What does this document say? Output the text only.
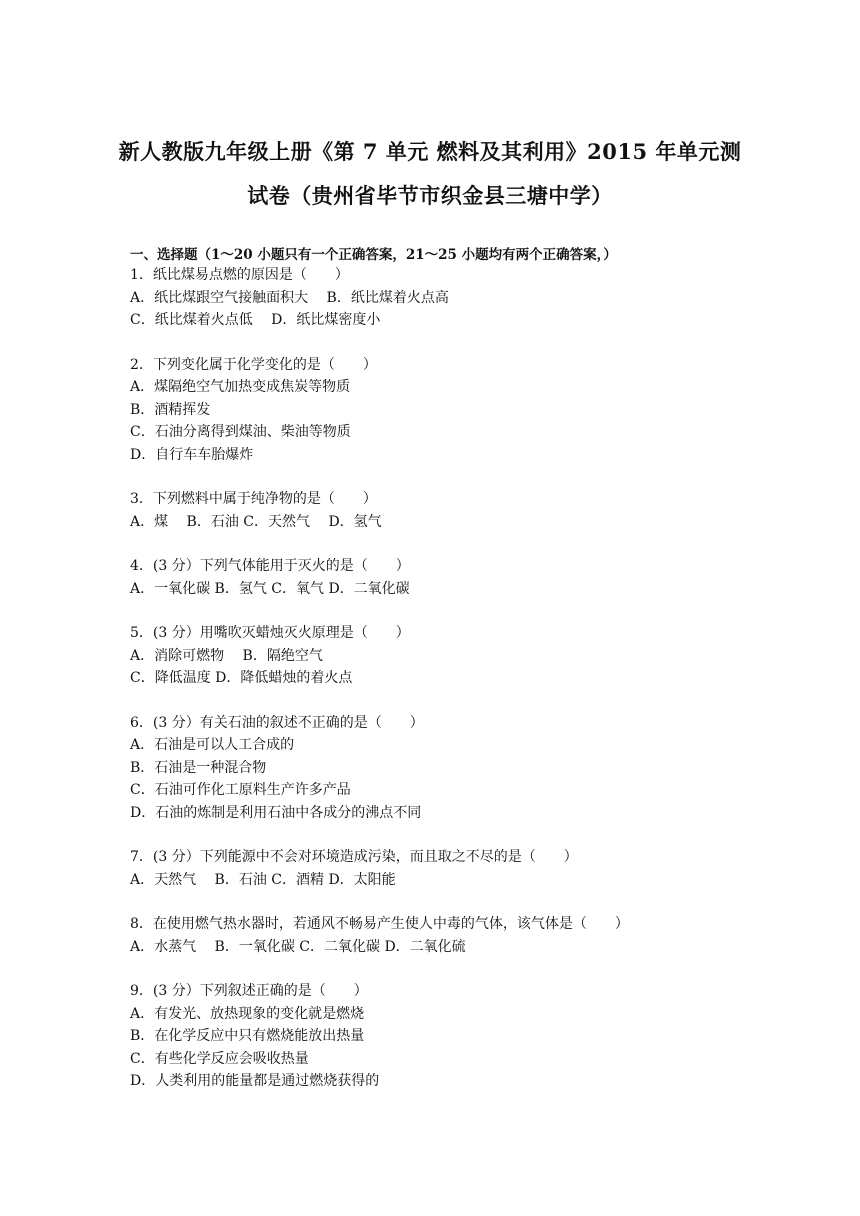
新人教版九年级上册《第 7 单元 燃料及其利用》2015 年单元测
试卷（贵州省毕节市织金县三塘中学）
一、选择题（1～20 小题只有一个正确答案，21～25 小题均有两个正确答案，）
1．纸比煤易点燃的原因是（　　）
A．纸比煤跟空气接触面积大　 B．纸比煤着火点高
C．纸比煤着火点低　 D．纸比煤密度小
2．下列变化属于化学变化的是（　　）
A．煤隔绝空气加热变成焦炭等物质
B．酒精挥发
C．石油分离得到煤油、柴油等物质
D．自行车车胎爆炸
3．下列燃料中属于纯净物的是（　　）
A．煤　 B．石油 C．天然气　 D．氢气
4．(3 分）下列气体能用于灭火的是（　　）
A．一氧化碳 B．氢气 C．氧气 D．二氧化碳
5．(3 分）用嘴吹灭蜡烛灭火原理是（　　）
A．消除可燃物　 B．隔绝空气
C．降低温度 D．降低蜡烛的着火点
6．(3 分）有关石油的叙述不正确的是（　　）
A．石油是可以人工合成的
B．石油是一种混合物
C．石油可作化工原料生产许多产品
D．石油的炼制是利用石油中各成分的沸点不同
7．(3 分）下列能源中不会对环境造成污染，而且取之不尽的是（　　）
A．天然气　 B．石油 C．酒精 D．太阳能
8．在使用燃气热水器时，若通风不畅易产生使人中毒的气体，该气体是（　　）
A．水蒸气　 B．一氧化碳 C．二氧化碳 D．二氧化硫
9．(3 分）下列叙述正确的是（　　）
A．有发光、放热现象的变化就是燃烧
B．在化学反应中只有燃烧能放出热量
C．有些化学反应会吸收热量
D．人类利用的能量都是通过燃烧获得的
